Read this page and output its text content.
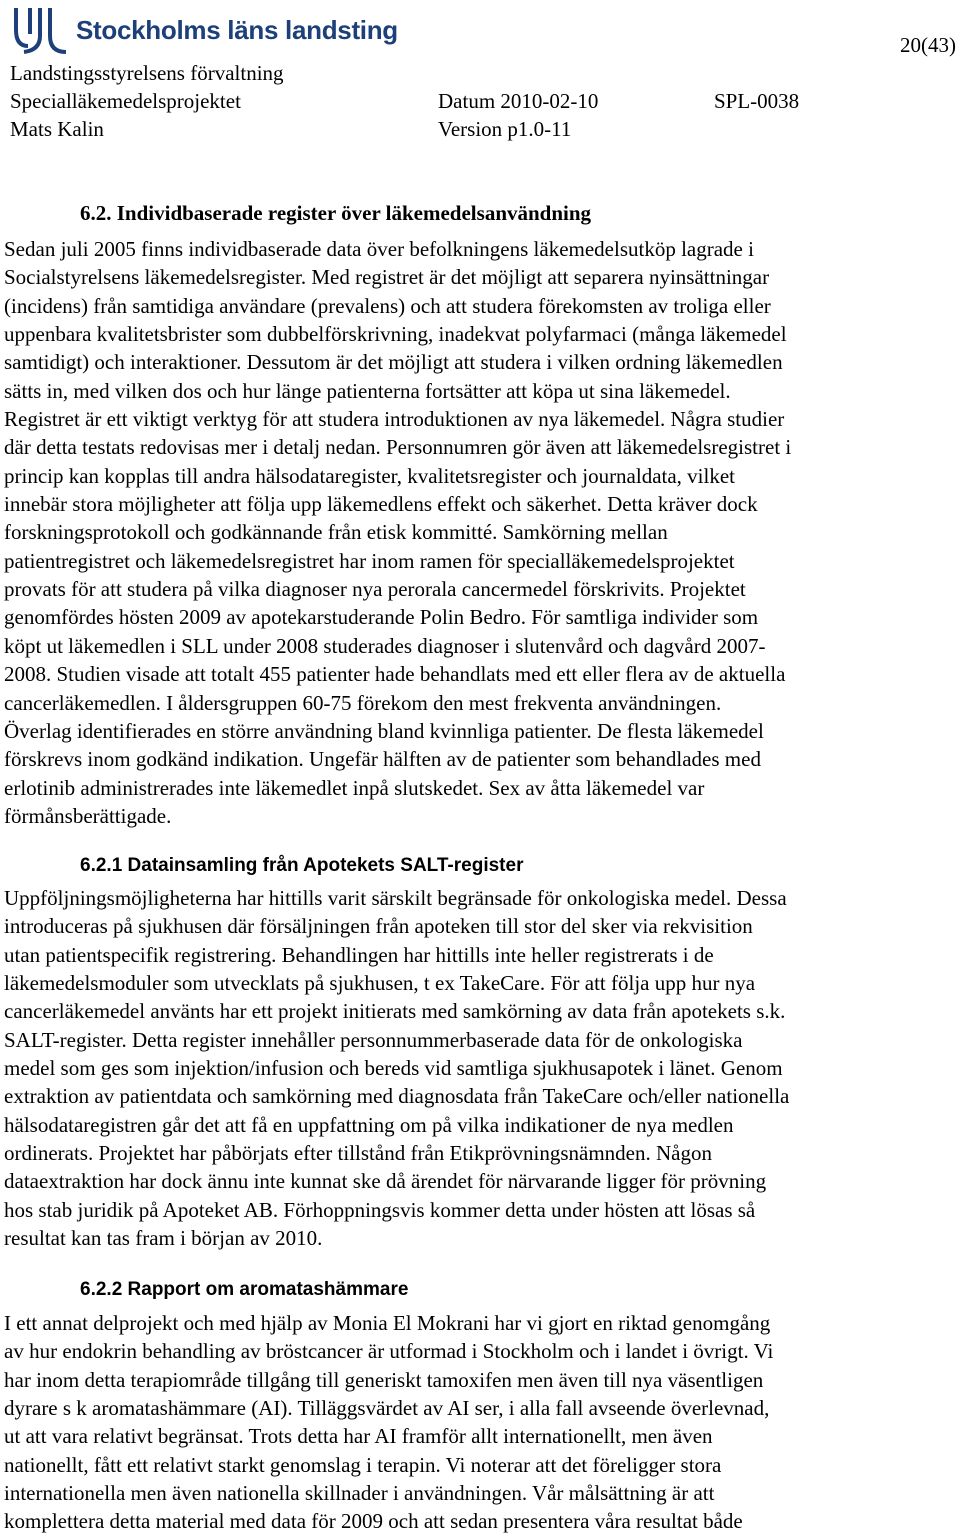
Stockholms läns landsting	20(43)
Landstingsstyrelsens förvaltning
Specialläkemedelsprojektet	Datum 2010-02-10	SPL-0038
Mats Kalin	Version p1.0-11
6.2. Individbaserade register över läkemedelsanvändning

Sedan juli 2005 finns individbaserade data över befolkningens läkemedelsutköp lagrade i
Socialstyrelsens läkemedelsregister. Med registret är det möjligt att separera nyinsättningar
(incidens) från samtidiga användare (prevalens) och att studera förekomsten av troliga eller
uppenbara kvalitetsbrister som dubbelförskrivning, inadekvat polyfarmaci (många läkemedel
samtidigt) och interaktioner. Dessutom är det möjligt att studera i vilken ordning läkemedlen
sätts in, med vilken dos och hur länge patienterna fortsätter att köpa ut sina läkemedel.
Registret är ett viktigt verktyg för att studera introduktionen av nya läkemedel. Några studier
där detta testats redovisas mer i detalj nedan. Personnumren gör även att läkemedelsregistret i
princip kan kopplas till andra hälsodataregister, kvalitetsregister och journaldata, vilket
innebär stora möjligheter att följa upp läkemedlens effekt och säkerhet. Detta kräver dock
forskningsprotokoll och godkännande från etisk kommitté. Samkörning mellan
patientregistret och läkemedelsregistret har inom ramen för specialläkemedelsprojektet
provats för att studera på vilka diagnoser nya perorala cancermedel förskrivits. Projektet
genomfördes hösten 2009 av apotekarstuderande Polin Bedro. För samtliga individer som
köpt ut läkemedlen i SLL under 2008 studerades diagnoser i slutenvård och dagvård 2007-
2008. Studien visade att totalt 455 patienter hade behandlats med ett eller flera av de aktuella
cancerläkemedlen. I åldersgruppen 60-75 förekom den mest frekventa användningen.
Överlag identifierades en större användning bland kvinnliga patienter. De flesta läkemedel
förskrevs inom godkänd indikation. Ungefär hälften av de patienter som behandlades med
erlotinib administrerades inte läkemedlet inpå slutskedet. Sex av åtta läkemedel var
förmånsberättigade.

6.2.1 Datainsamling från Apotekets SALT-register

Uppföljningsmöjligheterna har hittills varit särskilt begränsade för onkologiska medel. Dessa
introduceras på sjukhusen där försäljningen från apoteken till stor del sker via rekvisition
utan patientspecifik registrering. Behandlingen har hittills inte heller registrerats i de
läkemedelsmoduler som utvecklats på sjukhusen, t ex TakeCare. För att följa upp hur nya
cancerläkemedel använts har ett projekt initierats med samkörning av data från apotekets s.k.
SALT-register. Detta register innehåller personnummerbaserade data för de onkologiska
medel som ges som injektion/infusion och bereds vid samtliga sjukhusapotek i länet. Genom
extraktion av patientdata och samkörning med diagnosdata från TakeCare och/eller nationella
hälsodataregistren går det att få en uppfattning om på vilka indikationer de nya medlen
ordinerats. Projektet har påbörjats efter tillstånd från Etikprövningsnämnden. Någon
dataextraktion har dock ännu inte kunnat ske då ärendet för närvarande ligger för prövning
hos stab juridik på Apoteket AB. Förhoppningsvis kommer detta under hösten att lösas så
resultat kan tas fram i början av 2010.

6.2.2 Rapport om aromatashämmare

I ett annat delprojekt och med hjälp av Monia El Mokrani har vi gjort en riktad genomgång
av hur endokrin behandling av bröstcancer är utformad i Stockholm och i landet i övrigt. Vi
har inom detta terapiområde tillgång till generiskt tamoxifen men även till nya väsentligen
dyrare s k aromatashämmare (AI). Tilläggsvärdet av AI ser, i alla fall avseende överlevnad,
ut att vara relativt begränsat. Trots detta har AI framför allt internationellt, men även
nationellt, fått ett relativt starkt genomslag i terapin. Vi noterar att det föreligger stora
internationella men även nationella skillnader i användningen. Vår målsättning är att
komplettera detta material med data för 2009 och att sedan presentera våra resultat både
